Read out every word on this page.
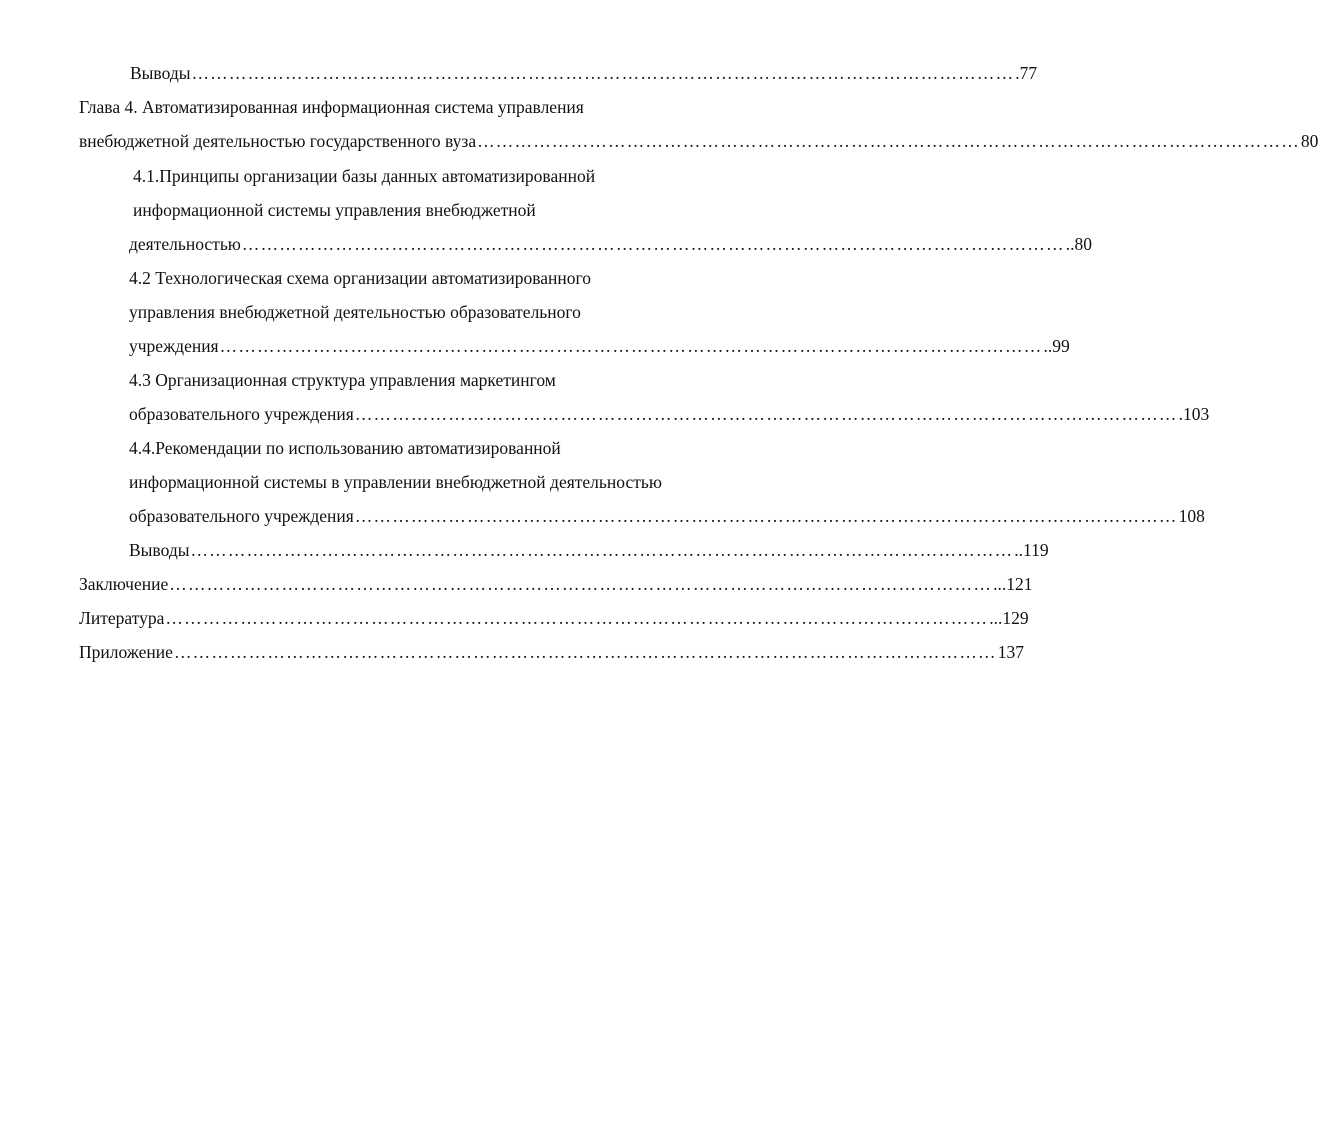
Выводы …………………………………………………………………………………………………………………… .77
Глава 4. Автоматизированная информационная система управления
внебюджетной деятельностью государственного вуза …………………………………………………………………………………………………………………… 80
4.1.Принципы организации базы данных автоматизированной
информационной системы управления внебюджетной
деятельностью …………………………………………………………………………………………………………………… ..80
4.2 Технологическая схема организации автоматизированного
управления внебюджетной деятельностью образовательного
учреждения …………………………………………………………………………………………………………………… ..99
4.3 Организационная структура управления маркетингом
образовательного учреждения …………………………………………………………………………………………………………………… .103
4.4.Рекомендации по использованию автоматизированной
информационной системы в управлении внебюджетной деятельностью
образовательного учреждения …………………………………………………………………………………………………………………… 108
Выводы …………………………………………………………………………………………………………………… ..119
Заключение …………………………………………………………………………………………………………………… ...121
Литература …………………………………………………………………………………………………………………… ...129
Приложение …………………………………………………………………………………………………………………… 137
